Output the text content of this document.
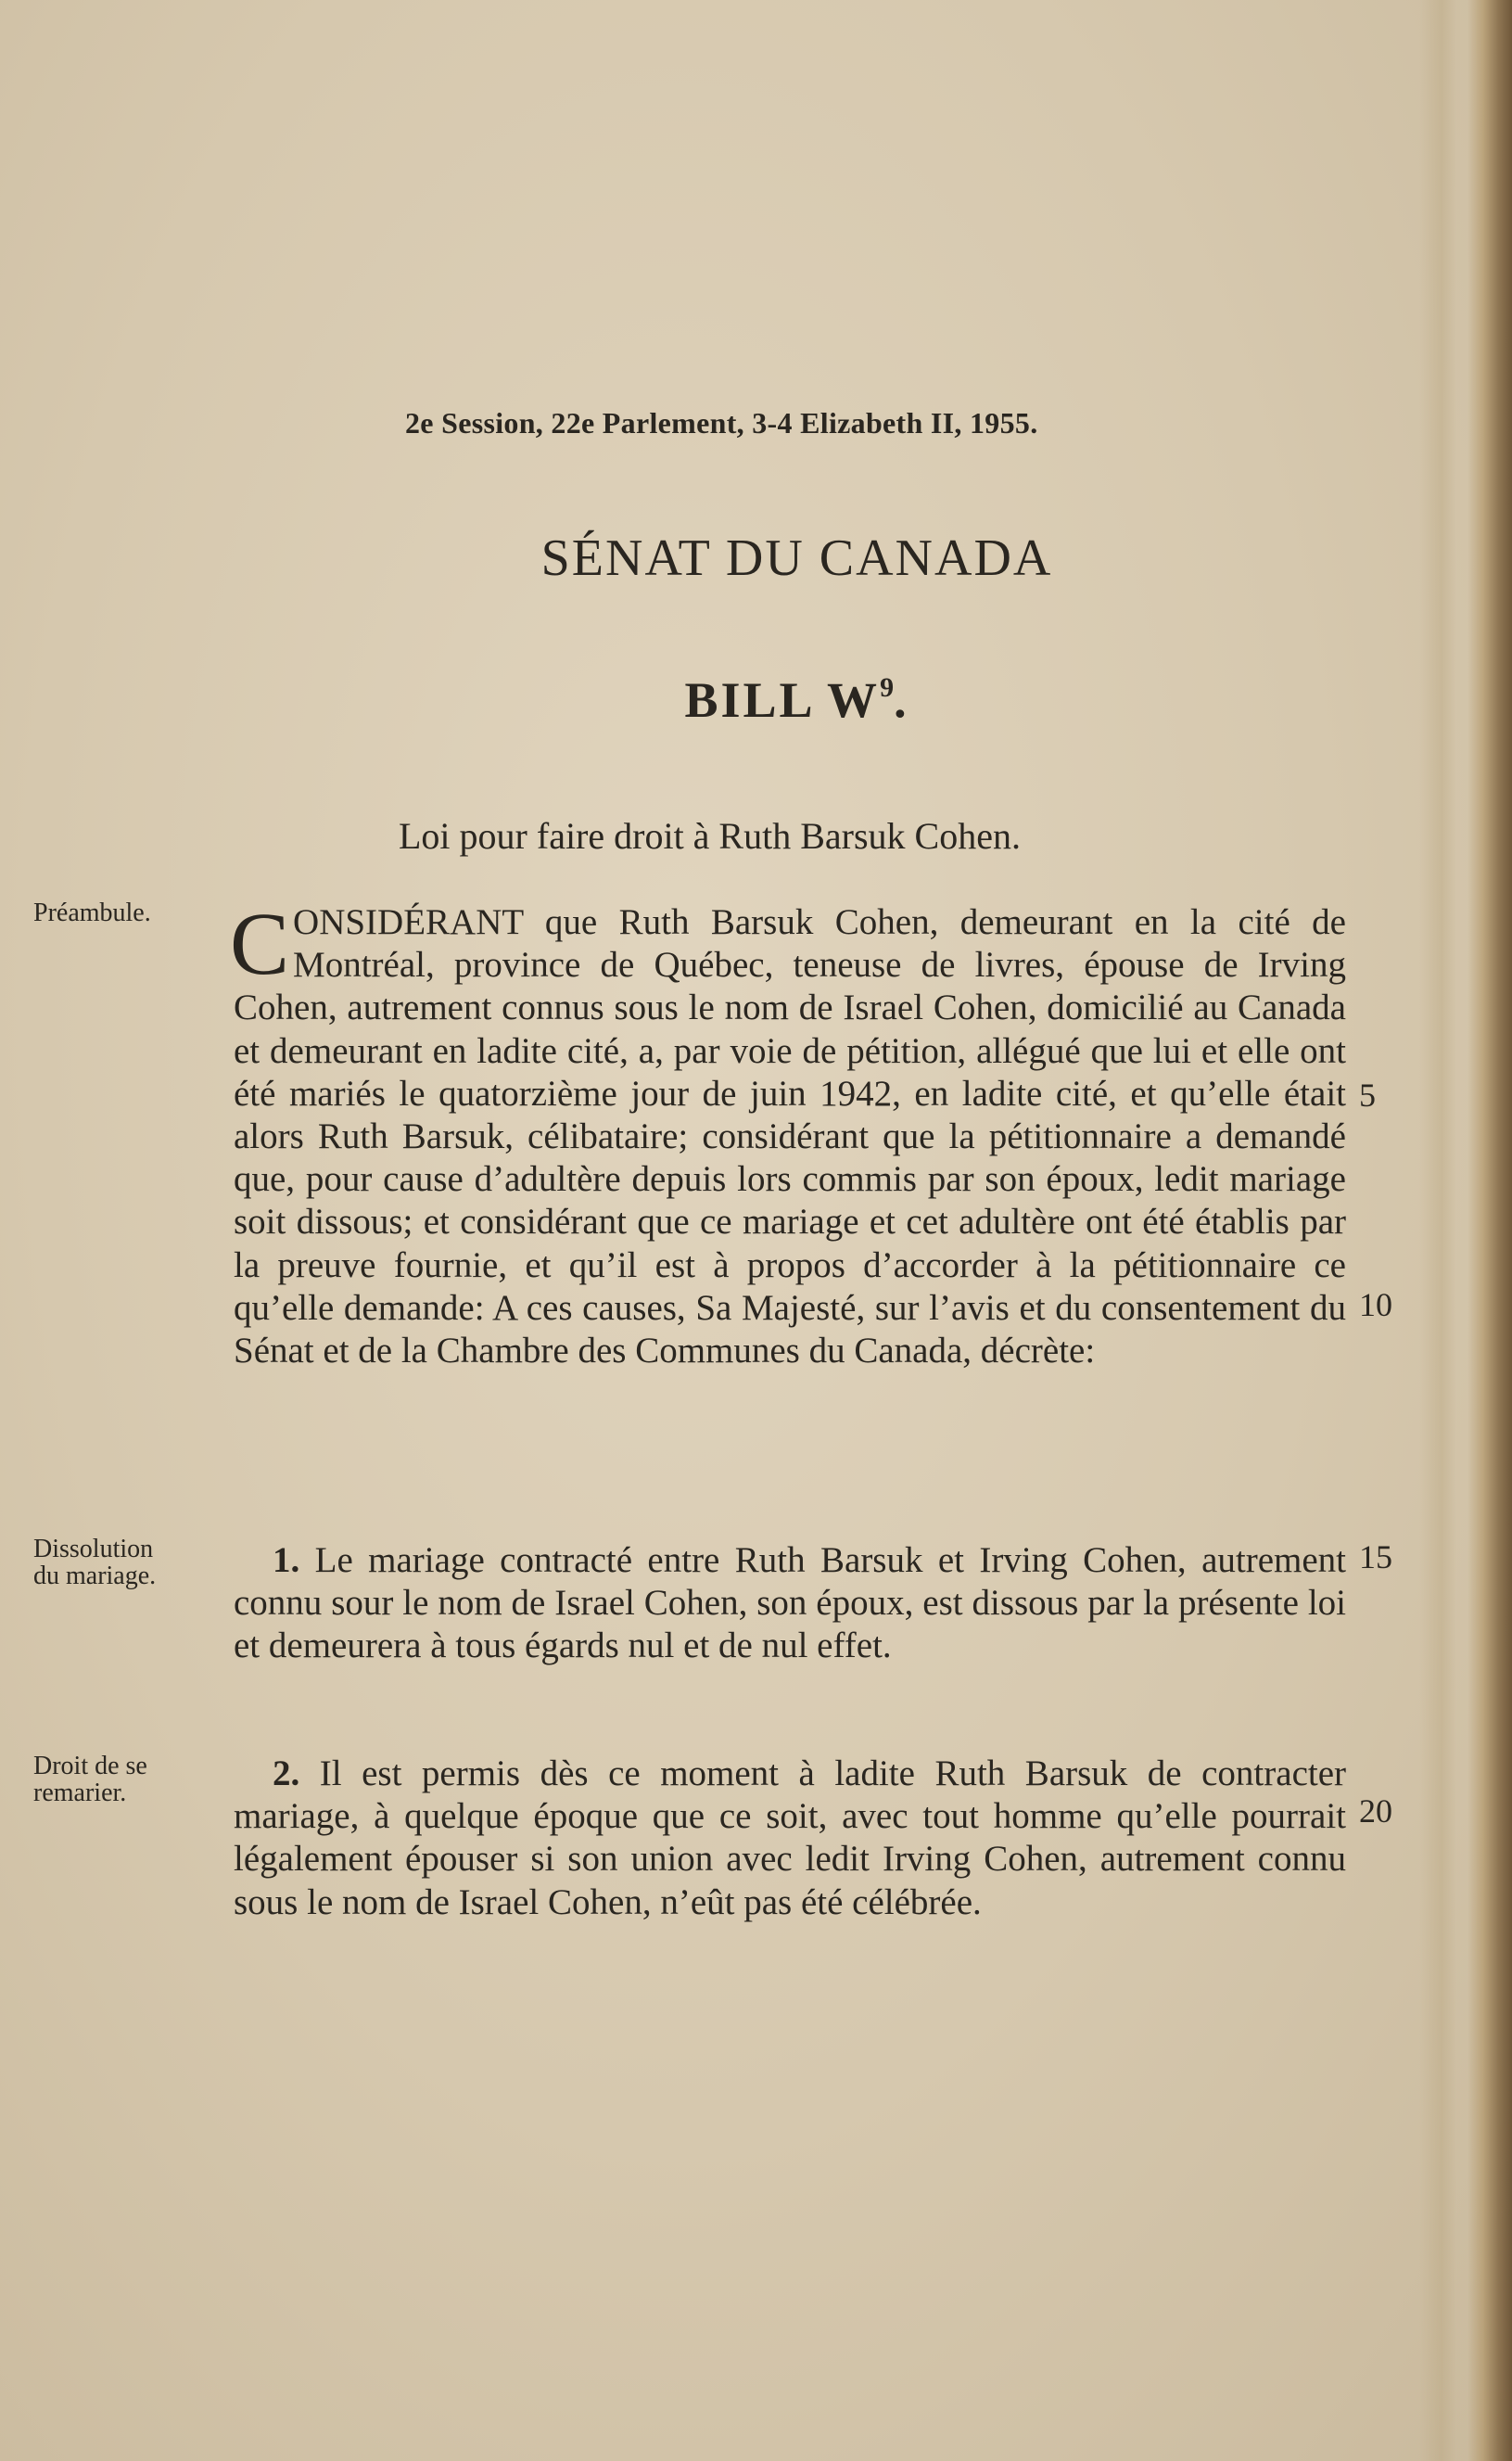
2e Session, 22e Parlement, 3-4 Elizabeth II, 1955.
SÉNAT DU CANADA
BILL $W^9$.
Loi pour faire droit à Ruth Barsuk Cohen.
Préambule.
Dissolution
du mariage.
Droit de se
remarier.
5
10
15
20

CONSIDÉRANT que Ruth Barsuk Cohen, demeurant en la cité de Montréal, province de Québec, teneuse de livres, épouse de Irving Cohen, autrement connus sous le nom de Israel Cohen, domicilié au Canada et demeurant en ladite cité, a, par voie de pétition, allégué que lui et elle ont été mariés le quatorzième jour de juin 1942, en ladite cité, et qu’elle était alors Ruth Barsuk, célibataire; considérant que la pétitionnaire a demandé que, pour cause d’adultère depuis lors commis par son époux, ledit mariage soit dissous; et considérant que ce mariage et cet adultère ont été établis par la preuve fournie, et qu’il est à propos d’accorder à la pétitionnaire ce qu’elle demande: A ces causes, Sa Majesté, sur l’avis et du consentement du Sénat et de la Chambre des Communes du Canada, décrète:

1. Le mariage contracté entre Ruth Barsuk et Irving Cohen, autrement connu sour le nom de Israel Cohen, son époux, est dissous par la présente loi et demeurera à tous égards nul et de nul effet.

2. Il est permis dès ce moment à ladite Ruth Barsuk de contracter mariage, à quelque époque que ce soit, avec tout homme qu’elle pourrait légalement épouser si son union avec ledit Irving Cohen, autrement connu sous le nom de Israel Cohen, n’eût pas été célébrée.
